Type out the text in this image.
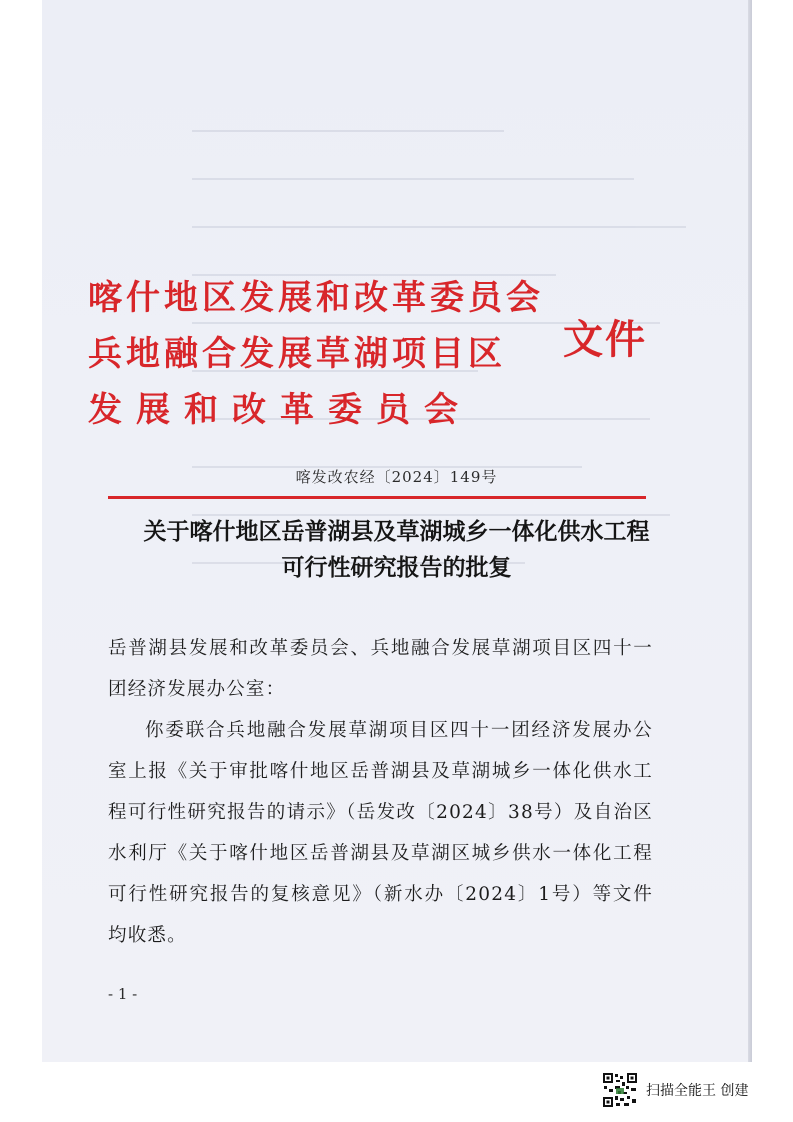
喀什地区发展和改革委员会
兵地融合发展草湖项目区
发展和改革委员会
文件
喀发改农经〔2024〕149号
关于喀什地区岳普湖县及草湖城乡一体化供水工程
可行性研究报告的批复

岳普湖县发展和改革委员会、兵地融合发展草湖项目区四十一团经济发展办公室：

你委联合兵地融合发展草湖项目区四十一团经济发展办公室上报《关于审批喀什地区岳普湖县及草湖城乡一体化供水工程可行性研究报告的请示》（岳发改〔2024〕38号）及自治区水利厅《关于喀什地区岳普湖县及草湖区城乡供水一体化工程可行性研究报告的复核意见》（新水办〔2024〕1号）等文件均收悉。

- 1 -
扫描全能王 创建
